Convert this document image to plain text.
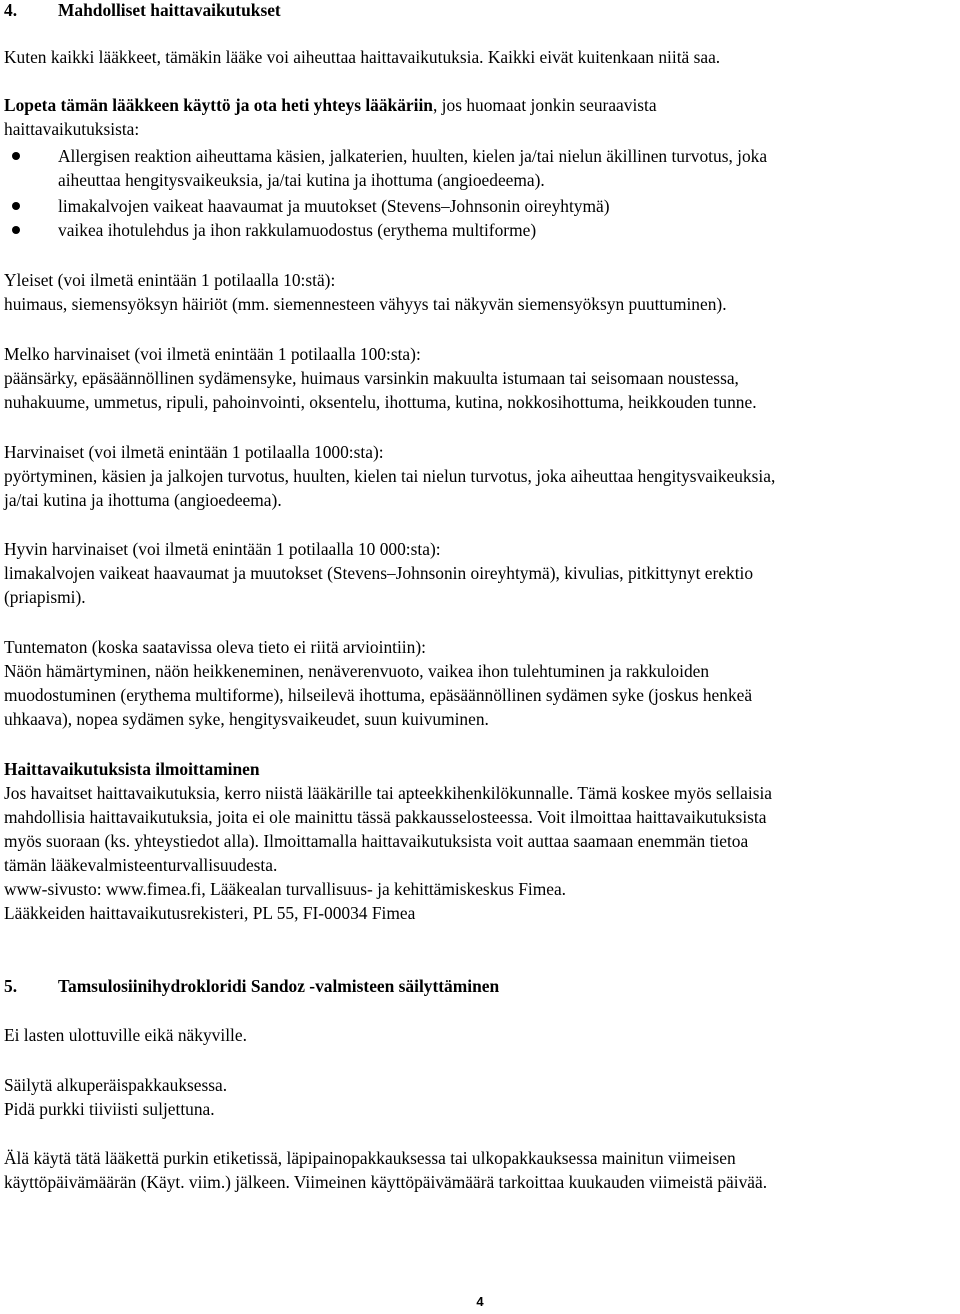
4. Mahdolliset haittavaikutukset
Kuten kaikki lääkkeet, tämäkin lääke voi aiheuttaa haittavaikutuksia. Kaikki eivät kuitenkaan niitä saa.
Lopeta tämän lääkkeen käyttö ja ota heti yhteys lääkäriin, jos huomaat jonkin seuraavista
haittavaikutuksista:
Allergisen reaktion aiheuttama käsien, jalkaterien, huulten, kielen ja/tai nielun äkillinen turvotus, joka
aiheuttaa hengitysvaikeuksia, ja/tai kutina ja ihottuma (angioedeema).
limakalvojen vaikeat haavaumat ja muutokset (Stevens–Johnsonin oireyhtymä)
vaikea ihotulehdus ja ihon rakkulamuodostus (erythema multiforme)
Yleiset (voi ilmetä enintään 1 potilaalla 10:stä):
huimaus, siemensyöksyn häiriöt (mm. siemennesteen vähyys tai näkyvän siemensyöksyn puuttuminen).
Melko harvinaiset (voi ilmetä enintään 1 potilaalla 100:sta):
päänsärky, epäsäännöllinen sydämensyke, huimaus varsinkin makuulta istumaan tai seisomaan noustessa,
nuhakuume, ummetus, ripuli, pahoinvointi, oksentelu, ihottuma, kutina, nokkosihottuma, heikkouden tunne.
Harvinaiset (voi ilmetä enintään 1 potilaalla 1000:sta):
pyörtyminen, käsien ja jalkojen turvotus, huulten, kielen tai nielun turvotus, joka aiheuttaa hengitysvaikeuksia,
ja/tai kutina ja ihottuma (angioedeema).
Hyvin harvinaiset (voi ilmetä enintään 1 potilaalla 10 000:sta):
limakalvojen vaikeat haavaumat ja muutokset (Stevens–Johnsonin oireyhtymä), kivulias, pitkittynyt erektio
(priapismi).
Tuntematon (koska saatavissa oleva tieto ei riitä arviointiin):
Näön hämärtyminen, näön heikkeneminen, nenäverenvuoto, vaikea ihon tulehtuminen ja rakkuloiden
muodostuminen (erythema multiforme), hilseilevä ihottuma, epäsäännöllinen sydämen syke (joskus henkeä
uhkaava), nopea sydämen syke, hengitysvaikeudet, suun kuivuminen.
Haittavaikutuksista ilmoittaminen
Jos havaitset haittavaikutuksia, kerro niistä lääkärille tai apteekkihenkilökunnalle. Tämä koskee myös sellaisia
mahdollisia haittavaikutuksia, joita ei ole mainittu tässä pakkausselosteessa. Voit ilmoittaa haittavaikutuksista
myös suoraan (ks. yhteystiedot alla). Ilmoittamalla haittavaikutuksista voit auttaa saamaan enemmän tietoa
tämän lääkevalmisteenturvallisuudesta.
www-sivusto: www.fimea.fi, Lääkealan turvallisuus- ja kehittämiskeskus Fimea.
Lääkkeiden haittavaikutusrekisteri, PL 55, FI-00034 Fimea
5. Tamsulosiinihydrokloridi Sandoz -valmisteen säilyttäminen
Ei lasten ulottuville eikä näkyville.
Säilytä alkuperäispakkauksessa.
Pidä purkki tiiviisti suljettuna.
Älä käytä tätä lääkettä purkin etiketissä, läpipainopakkauksessa tai ulkopakkauksessa mainitun viimeisen
käyttöpäivämäärän (Käyt. viim.) jälkeen. Viimeinen käyttöpäivämäärä tarkoittaa kuukauden viimeistä päivää.
4
